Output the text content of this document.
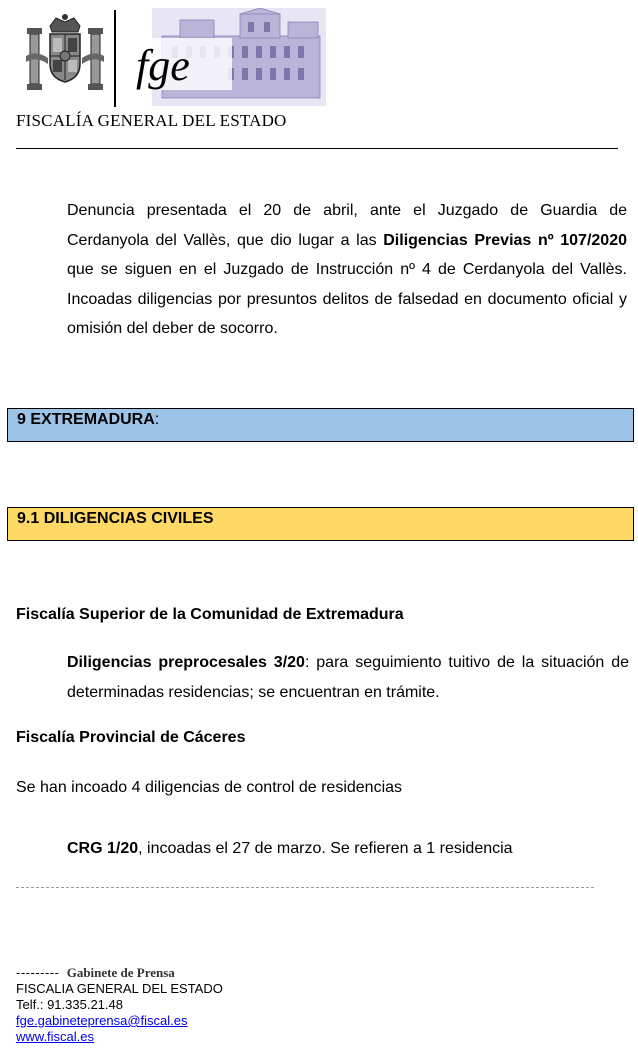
fge
FISCALÍA GENERAL DEL ESTADO
Denuncia presentada el 20 de abril, ante el Juzgado de Guardia de Cerdanyola del Vallès, que dio lugar a las Diligencias Previas nº 107/2020 que se siguen en el Juzgado de Instrucción nº 4 de Cerdanyola del Vallès. Incoadas diligencias por presuntos delitos de falsedad en documento oficial y omisión del deber de socorro.
9 EXTREMADURA:
9.1 DILIGENCIAS CIVILES
Fiscalía Superior de la Comunidad de Extremadura
Diligencias preprocesales 3/20: para seguimiento tuitivo de la situación de determinadas residencias; se encuentran en trámite.
Fiscalía Provincial de Cáceres
Se han incoado 4 diligencias de control de residencias
CRG 1/20, incoadas el 27 de marzo. Se refieren a 1 residencia
--------- Gabinete de Prensa
FISCALIA GENERAL DEL ESTADO
Telf.: 91.335.21.48
fge.gabineteprensa@fiscal.es
www.fiscal.es
